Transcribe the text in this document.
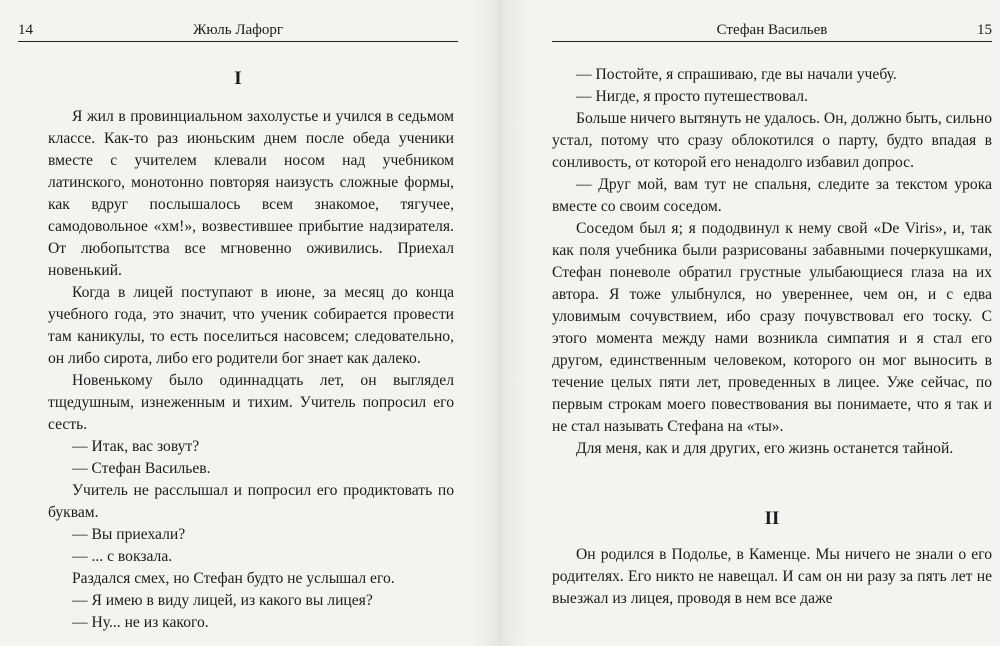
14	Жюль Лафорг
I

Я жил в провинциальном захолустье и учился в седьмом классе. Как-то раз июньским днем после обеда ученики вместе с учителем клевали носом над учебником латинского, монотонно повторяя наизусть сложные формы, как вдруг послышалось всем знакомое, тягучее, самодовольное «хм!», возвестившее прибытие надзирателя. От любопытства все мгновенно оживились. Приехал новенький.

Когда в лицей поступают в июне, за месяц до конца учебного года, это значит, что ученик собирается провести там каникулы, то есть поселиться насовсем; следовательно, он либо сирота, либо его родители бог знает как далеко.

Новенькому было одиннадцать лет, он выглядел тщедушным, изнеженным и тихим. Учитель попросил его сесть.

— Итак, вас зовут?

— Стефан Васильев.

Учитель не расслышал и попросил его продиктовать по буквам.

— Вы приехали?

— ... с вокзала.

Раздался смех, но Стефан будто не услышал его.

— Я имею в виду лицей, из какого вы лицея?

— Ну... не из какого.

Стефан Васильев	15

— Постойте, я спрашиваю, где вы начали учебу.

— Нигде, я просто путешествовал.

Больше ничего вытянуть не удалось. Он, должно быть, сильно устал, потому что сразу облокотился о парту, будто впадая в сонливость, от которой его ненадолго избавил допрос.

— Друг мой, вам тут не спальня, следите за текстом урока вместе со своим соседом.

Соседом был я; я пододвинул к нему свой «De Viris», и, так как поля учебника были разрисованы забавными почеркушками, Стефан поневоле обратил грустные улыбающиеся глаза на их автора. Я тоже улыбнулся, но увереннее, чем он, и с едва уловимым сочувствием, ибо сразу почувствовал его тоску. С этого момента между нами возникла симпатия и я стал его другом, единственным человеком, которого он мог выносить в течение целых пяти лет, проведенных в лицее. Уже сейчас, по первым строкам моего повествования вы понимаете, что я так и не стал называть Стефана на «ты».

Для меня, как и для других, его жизнь останется тайной.

II

Он родился в Подолье, в Каменце. Мы ничего не знали о его родителях. Его никто не навещал. И сам он ни разу за пять лет не выезжал из лицея, проводя в нем все даже
